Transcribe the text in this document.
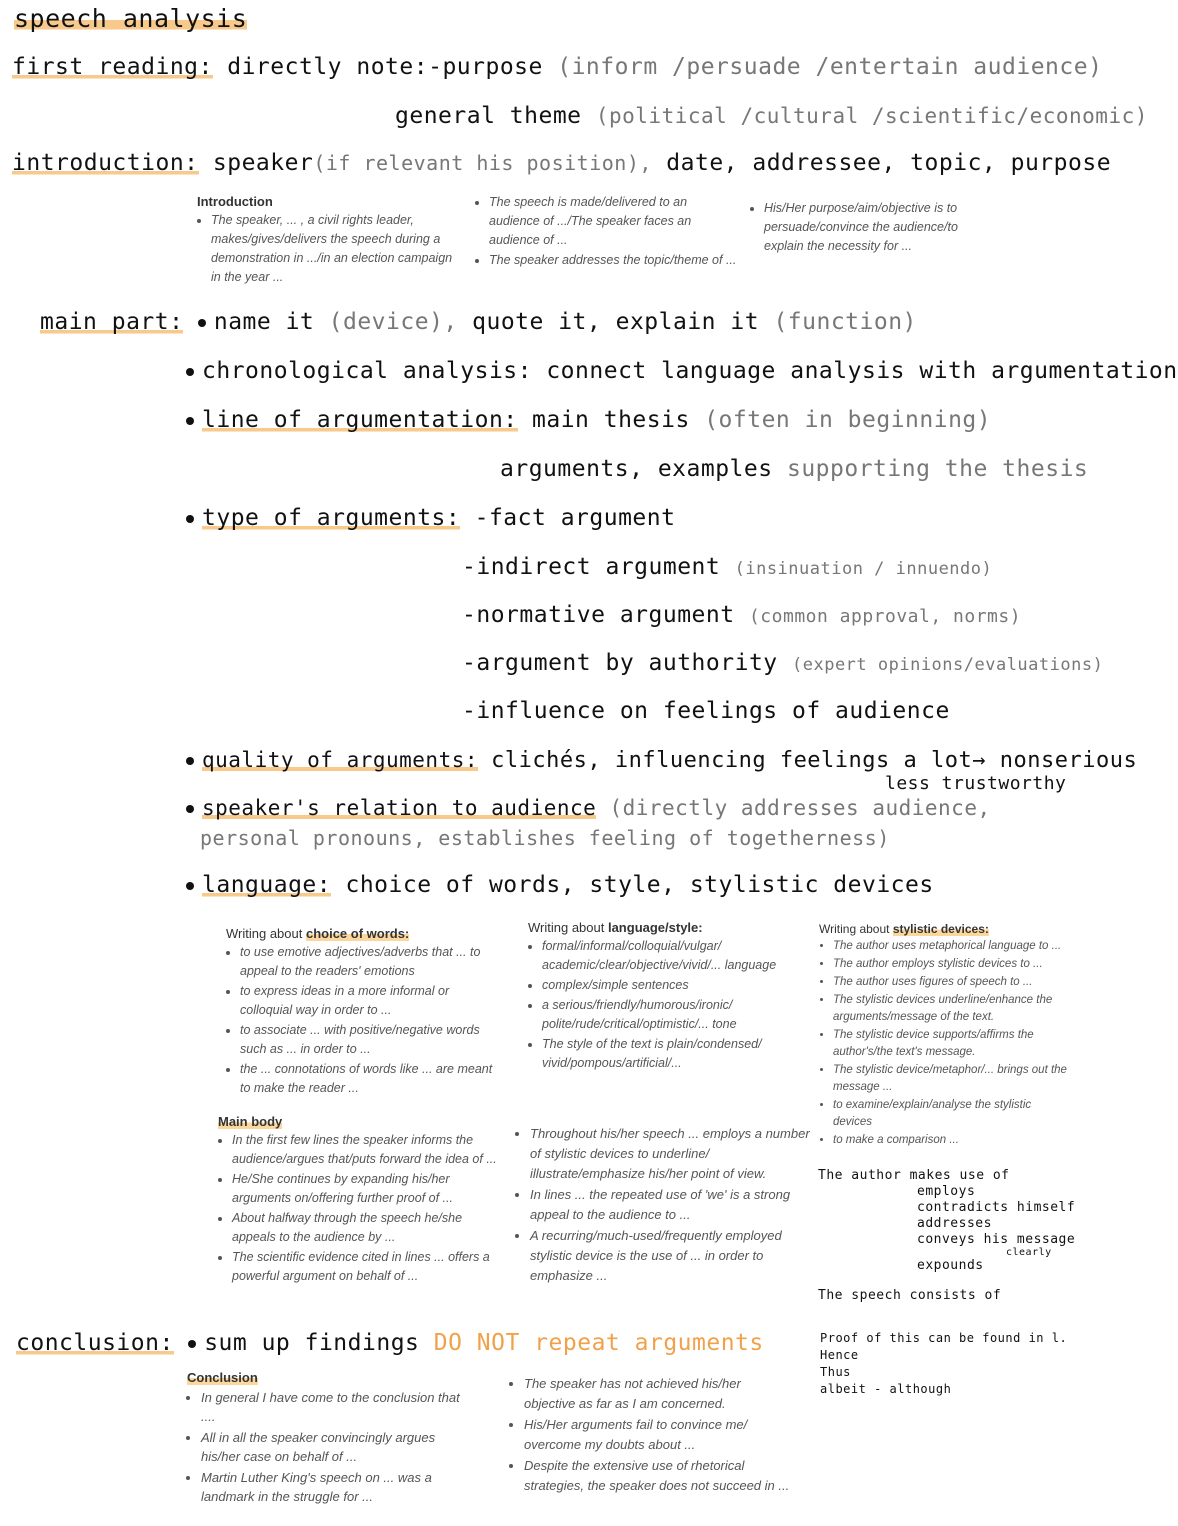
speech analysis
first reading: directly note:-purpose (inform /persuade /entertain audience)
general theme (political /cultural /scientific/economic)
introduction: speaker(if relevant his position), date, addressee, topic, purpose
Introduction
• The speaker, ... , a civil rights leader, makes/gives/delivers the speech during a demonstration in .../in an election campaign in the year ...
• The speech is made/delivered to an audience of .../The speaker faces an audience of ...
• The speaker addresses the topic/theme of ...
• His/Her purpose/aim/objective is to persuade/convince the audience/to explain the necessity for ...
main part: name it (device), quote it, explain it (function)
chronological analysis: connect language analysis with argumentation
line of argumentation: main thesis (often in beginning)
arguments, examples supporting the thesis
type of arguments: -fact argument
-indirect argument (insinuation / innuendo)
-normative argument (common approval, norms)
-argument by authority (expert opinions/evaluations)
-influence on feelings of audience
quality of arguments: clichés, influencing feelings a lot→ nonserious
less trustworthy
speaker's relation to audience (directly addresses audience,
personal pronouns, establishes feeling of togetherness)
language: choice of words, style, stylistic devices
Writing about choice of words:
• to use emotive adjectives/adverbs that ... to appeal to the readers' emotions
• to express ideas in a more informal or colloquial way in order to ...
• to associate ... with positive/negative words such as ... in order to ...
• the ... connotations of words like ... are meant to make the reader ...
Writing about language/style:
• formal/informal/colloquial/vulgar/ academic/clear/objective/vivid/... language
• complex/simple sentences
• a serious/friendly/humorous/ironic/ polite/rude/critical/optimistic/... tone
• The style of the text is plain/condensed/ vivid/pompous/artificial/...
Writing about stylistic devices:
• The author uses metaphorical language to ...
• The author employs stylistic devices to ...
• The author uses figures of speech to ...
• The stylistic devices underline/enhance the arguments/message of the text.
• The stylistic device supports/affirms the author's/the text's message.
• The stylistic device/metaphor/... brings out the message ...
• to examine/explain/analyse the stylistic devices
• to make a comparison ...
Main body
• In the first few lines the speaker informs the audience/argues that/puts forward the idea of ...
• He/She continues by expanding his/her arguments on/offering further proof of ...
• About halfway through the speech he/she appeals to the audience by ...
• The scientific evidence cited in lines ... offers a powerful argument on behalf of ...
• Throughout his/her speech ... employs a number of stylistic devices to underline/ illustrate/emphasize his/her point of view.
• In lines ... the repeated use of 'we' is a strong appeal to the audience to ...
• A recurring/much-used/frequently employed stylistic device is the use of ... in order to emphasize ...
The author makes use of
employs
contradicts himself
addresses
conveys his message
expounds
clearly
The speech consists of
Proof of this can be found in l.
Hence
Thus
albeit - although
conclusion: sum up findings DO NOT repeat arguments
Conclusion
• In general I have come to the conclusion that ....
• All in all the speaker convincingly argues his/her case on behalf of ...
• Martin Luther King's speech on ... was a landmark in the struggle for ...
• The speaker has not achieved his/her objective as far as I am concerned.
• His/Her arguments fail to convince me/ overcome my doubts about ...
• Despite the extensive use of rhetorical strategies, the speaker does not succeed in ...
